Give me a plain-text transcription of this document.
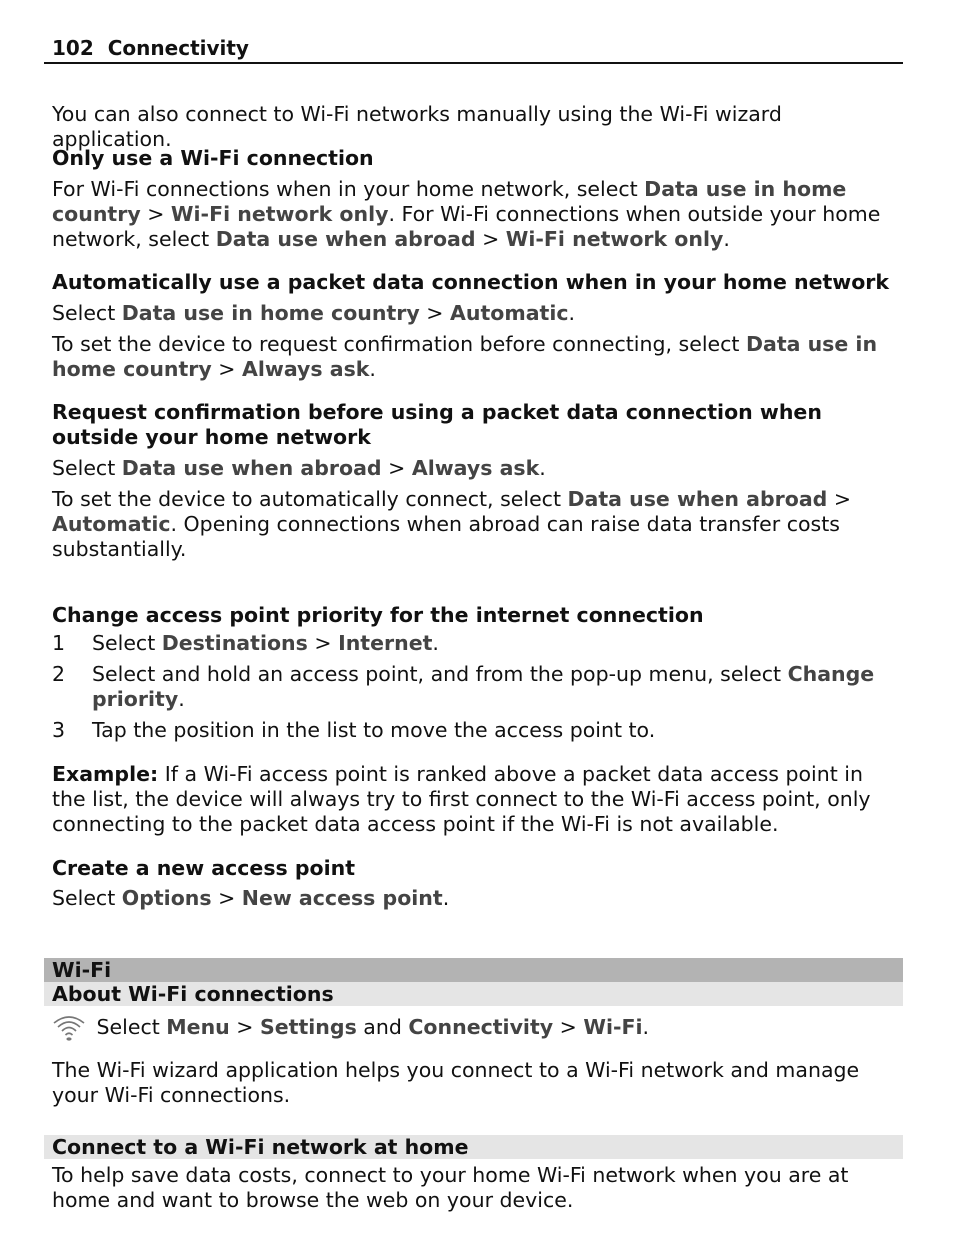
102 Connectivity

You can also connect to Wi-Fi networks manually using the Wi-Fi wizard application.

Only use a Wi-Fi connection

For Wi-Fi connections when in your home network, select Data use in home country > Wi-Fi network only. For Wi-Fi connections when outside your home network, select Data use when abroad > Wi-Fi network only.

Automatically use a packet data connection when in your home network

Select Data use in home country > Automatic.

To set the device to request confirmation before connecting, select Data use in home country > Always ask.

Request confirmation before using a packet data connection when outside your home network

Select Data use when abroad > Always ask.

To set the device to automatically connect, select Data use when abroad > Automatic. Opening connections when abroad can raise data transfer costs substantially.

Change access point priority for the internet connection

1 Select Destinations > Internet.
2 Select and hold an access point, and from the pop-up menu, select Change priority.
3 Tap the position in the list to move the access point to.

Example: If a Wi-Fi access point is ranked above a packet data access point in the list, the device will always try to first connect to the Wi-Fi access point, only connecting to the packet data access point if the Wi-Fi is not available.

Create a new access point

Select Options > New access point.

Wi-Fi
About Wi-Fi connections

Select Menu > Settings and Connectivity > Wi-Fi.

The Wi-Fi wizard application helps you connect to a Wi-Fi network and manage your Wi-Fi connections.

Connect to a Wi-Fi network at home

To help save data costs, connect to your home Wi-Fi network when you are at home and want to browse the web on your device.
